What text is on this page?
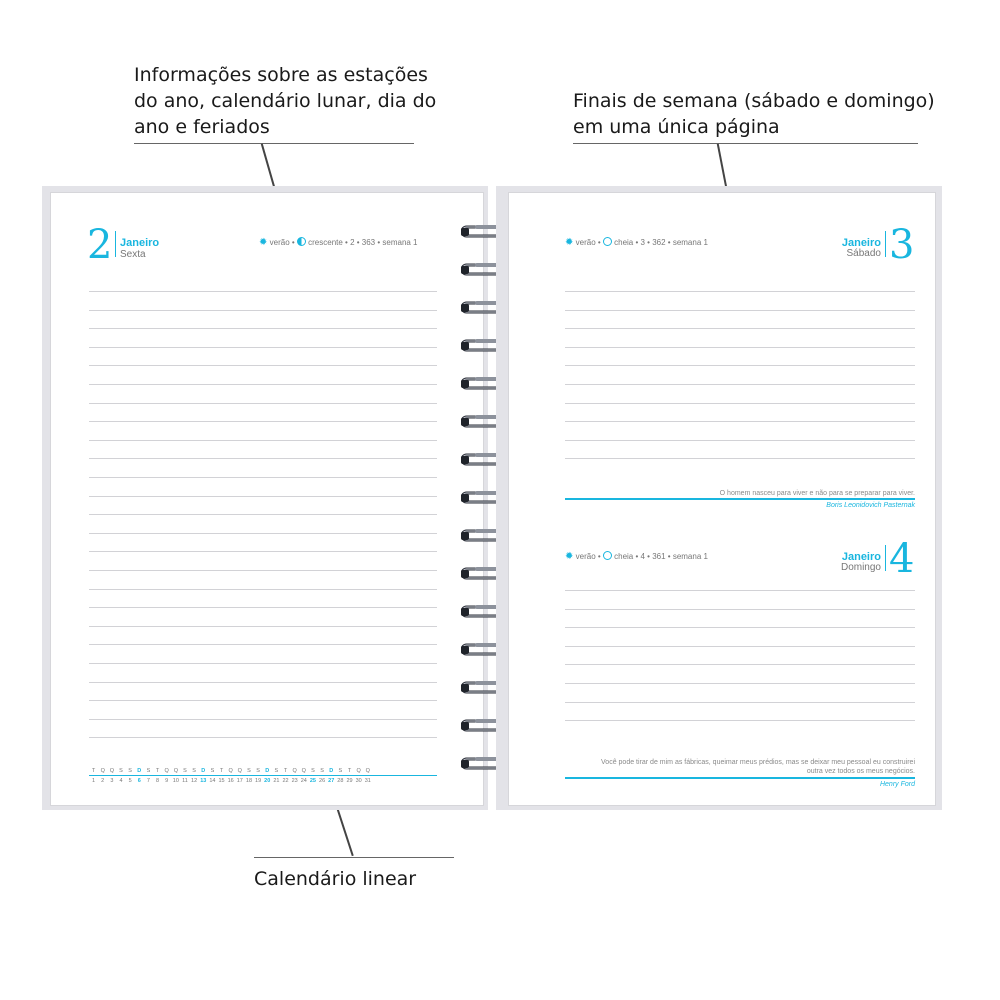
Informações sobre as estações
do ano, calendário lunar, dia do
ano e feriados
Finais de semana (sábado e domingo)
em uma única página
Calendário linear
2 Janeiro
Sexta
✹ verão •  crescente • 2 • 363 • semana 1
T Q Q S S D S	T Q Q S S D S	T Q Q S S D S	T Q Q S S D S	T Q Q
1	2	3	4	5	6	7	8	9 10 11 12 13 14 15 16 17 18 19 20 21 22 23 24 25 26 27 28 29 30 31
✹ verão •  cheia • 3 • 362 • semana 1	Janeiro
Sábado 3
O homem nasceu para viver e não para se preparar para viver.
Boris Leonidovich Pasternak
✹ verão •  cheia • 4 • 361 • semana 1	Janeiro
Domingo 4
Você pode tirar de mim as fábricas, queimar meus prédios, mas se deixar meu pessoal eu construirei
outra vez todos os meus negócios.
Henry Ford
